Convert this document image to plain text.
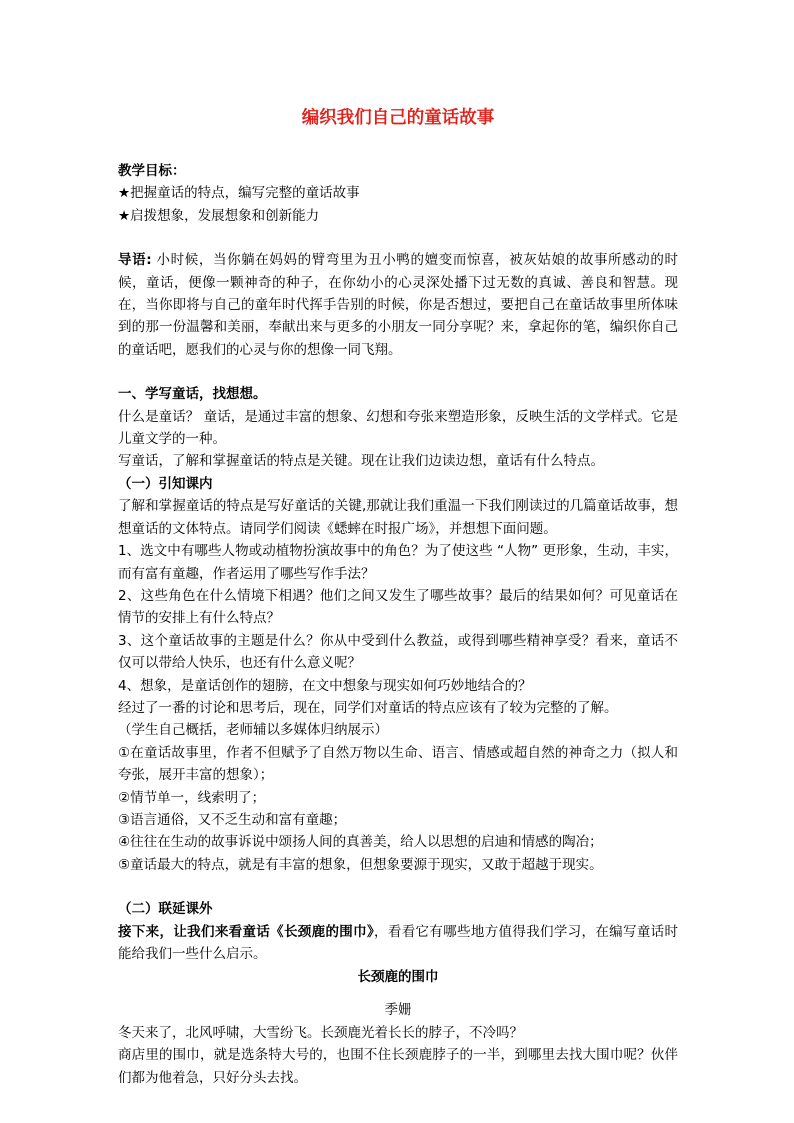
编织我们自己的童话故事

教学目标：

★把握童话的特点，编写完整的童话故事

★启拨想象，发展想象和创新能力

导语: 小时候，当你躺在妈妈的臂弯里为丑小鸭的嬗变而惊喜，被灰姑娘的故事所感动的时候，童话，便像一颗神奇的种子，在你幼小的心灵深处播下过无数的真诚、善良和智慧。现在，当你即将与自己的童年时代挥手告别的时候，你是否想过，要把自己在童话故事里所体味到的那一份温馨和美丽，奉献出来与更多的小朋友一同分享呢？来，拿起你的笔，编织你自己的童话吧，愿我们的心灵与你的想像一同飞翔。

一、学写童话，找想想。

什么是童话？ 童话，是通过丰富的想象、幻想和夸张来塑造形象，反映生活的文学样式。它是儿童文学的一种。

写童话，了解和掌握童话的特点是关键。现在让我们边读边想，童话有什么特点。

（一）引知课内

了解和掌握童话的特点是写好童话的关键,那就让我们重温一下我们刚读过的几篇童话故事，想想童话的文体特点。请同学们阅读《蟋蟀在时报广场》，并想想下面问题。

1、选文中有哪些人物或动植物扮演故事中的角色？为了使这些 “人物” 更形象，生动，丰实，而有富有童趣，作者运用了哪些写作手法？

2、这些角色在什么情境下相遇？他们之间又发生了哪些故事？最后的结果如何？可见童话在情节的安排上有什么特点？

3、这个童话故事的主题是什么？你从中受到什么教益，或得到哪些精神享受？看来，童话不仅可以带给人快乐，也还有什么意义呢？

4、想象，是童话创作的翅膀，在文中想象与现实如何巧妙地结合的？

经过了一番的讨论和思考后，现在，同学们对童话的特点应该有了较为完整的了解。

（学生自己概括，老师辅以多媒体归纳展示）

①在童话故事里，作者不但赋予了自然万物以生命、语言、情感或超自然的神奇之力（拟人和夸张，展开丰富的想象）；

②情节单一，线索明了；

③语言通俗，又不乏生动和富有童趣；

④往往在生动的故事诉说中颂扬人间的真善美，给人以思想的启迪和情感的陶冶；

⑤童话最大的特点，就是有丰富的想象，但想象要源于现实，又敢于超越于现实。

（二）联延课外

接下来，让我们来看童话《长颈鹿的围巾》，看看它有哪些地方值得我们学习，在编写童话时能给我们一些什么启示。

长颈鹿的围巾

季姗

冬天来了，北风呼啸，大雪纷飞。长颈鹿光着长长的脖子，不冷吗？

商店里的围巾，就是选条特大号的，也围不住长颈鹿脖子的一半，到哪里去找大围巾呢？伙伴们都为他着急，只好分头去找。
